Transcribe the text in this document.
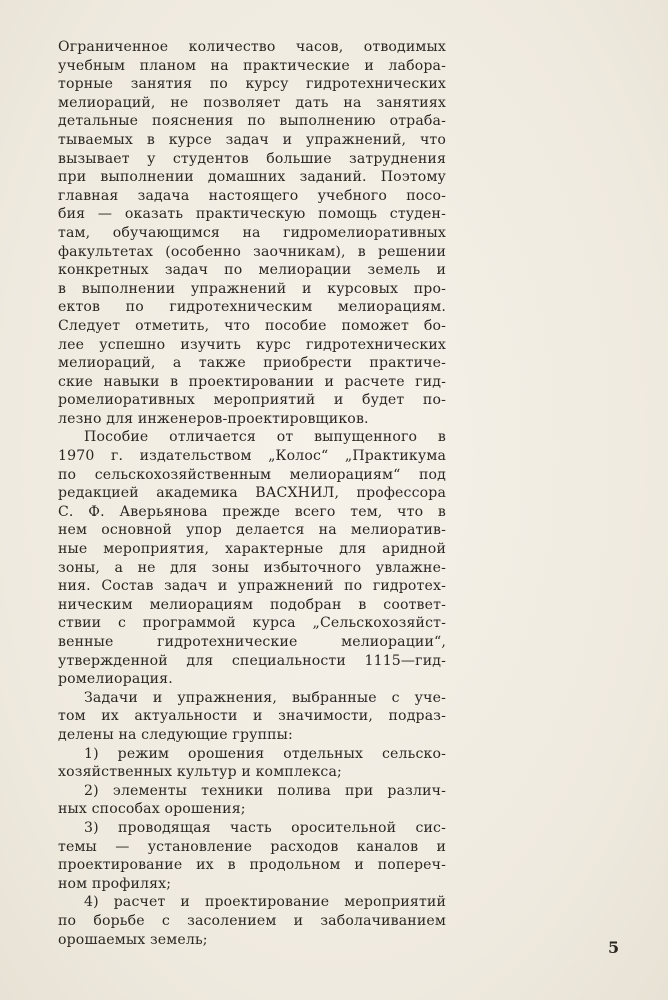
Ограниченное количество часов, отводимых
учебным планом на практические и лабора-
торные занятия по курсу гидротехнических
мелиораций, не позволяет дать на занятиях
детальные пояснения по выполнению отраба-
тываемых в курсе задач и упражнений, что
вызывает у студентов большие затруднения
при выполнении домашних заданий. Поэтому
главная задача настоящего учебного посо-
бия — оказать практическую помощь студен-
там, обучающимся на гидромелиоративных
факультетах (особенно заочникам), в решении
конкретных задач по мелиорации земель и
в выполнении упражнений и курсовых про-
ектов по гидротехническим мелиорациям.
Следует отметить, что пособие поможет бо-
лее успешно изучить курс гидротехнических
мелиораций, а также приобрести практиче-
ские навыки в проектировании и расчете гид-
ромелиоративных мероприятий и будет по-
лезно для инженеров-проектировщиков.

Пособие отличается от выпущенного в
1970 г. издательством „Колос“ „Практикума
по сельскохозяйственным мелиорациям“ под
редакцией академика ВАСХНИЛ, профессора
С. Ф. Аверьянова прежде всего тем, что в
нем основной упор делается на мелиоратив-
ные мероприятия, характерные для аридной
зоны, а не для зоны избыточного увлажне-
ния. Состав задач и упражнений по гидротех-
ническим мелиорациям подобран в соответ-
ствии с программой курса „Сельскохозяйст-
венные гидротехнические мелиорации“,
утвержденной для специальности 1115—гид-
ромелиорация.

Задачи и упражнения, выбранные с уче-
том их актуальности и значимости, подраз-
делены на следующие группы:

1) режим орошения отдельных сельско-
хозяйственных культур и комплекса;

2) элементы техники полива при различ-
ных способах орошения;

3) проводящая часть оросительной сис-
темы — установление расходов каналов и
проектирование их в продольном и попереч-
ном профилях;

4) расчет и проектирование мероприятий
по борьбе с засолением и заболачиванием
орошаемых земель;	5
